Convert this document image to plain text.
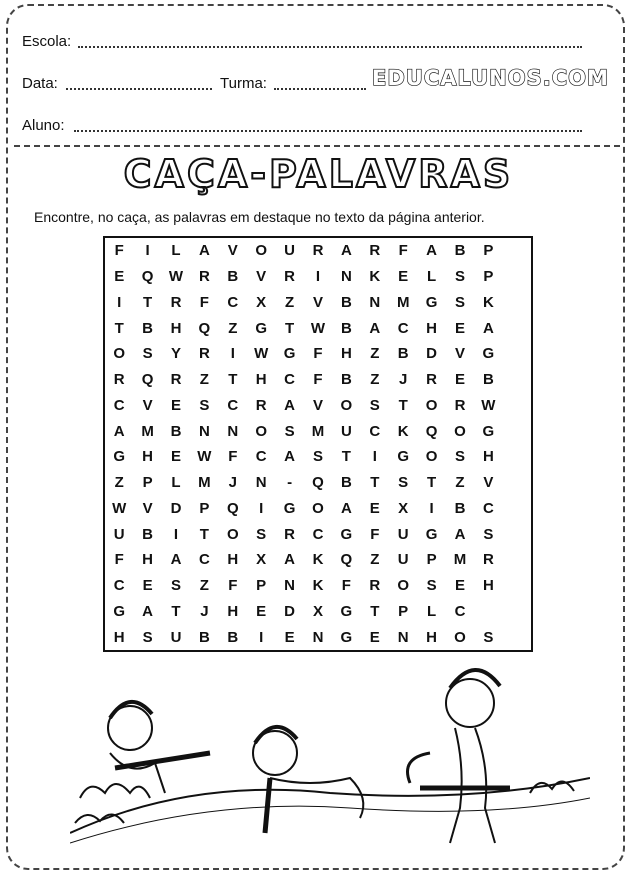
Escola:
Data:	Turma:	EDUCALUNOS.COM
Aluno:
CAÇA-PALAVRAS
Encontre, no caça, as palavras em destaque no texto da página anterior.
F	I	L	A	V	O	U	R	A	R	F	A	B	P
E	Q	W	R	B	V	R	I	N	K	E	L	S	P
I	T	R	F	C	X	Z	V	B	N	M	G	S	K
T	B	H	Q	Z	G	T	W	B	A	C	H	E	A
O	S	Y	R	I	W	G	F	H	Z	B	D	V	G
R	Q	R	Z	T	H	C	F	B	Z	J	R	E	B
C	V	E	S	C	R	A	V	O	S	T	O	R	W
A	M	B	N	N	O	S	M	U	C	K	Q	O	G
G	H	E	W	F	C	A	S	T	I	G	O	S	H
Z	P	L	M	J	N	-	Q	B	T	S	T	Z	V
W	V	D	P	Q	I	G	O	A	E	X	I	B	C
U	B	I	T	O	S	R	C	G	F	U	G	A	S
F	H	A	C	H	X	A	K	Q	Z	U	P	M	R
C	E	S	Z	F	P	N	K	F	R	O	S	E	H
G	A	T	J	H	E	D	X	G	T	P	L	C
H	S	U	B	B	I	E	N	G	E	N	H	O	S
